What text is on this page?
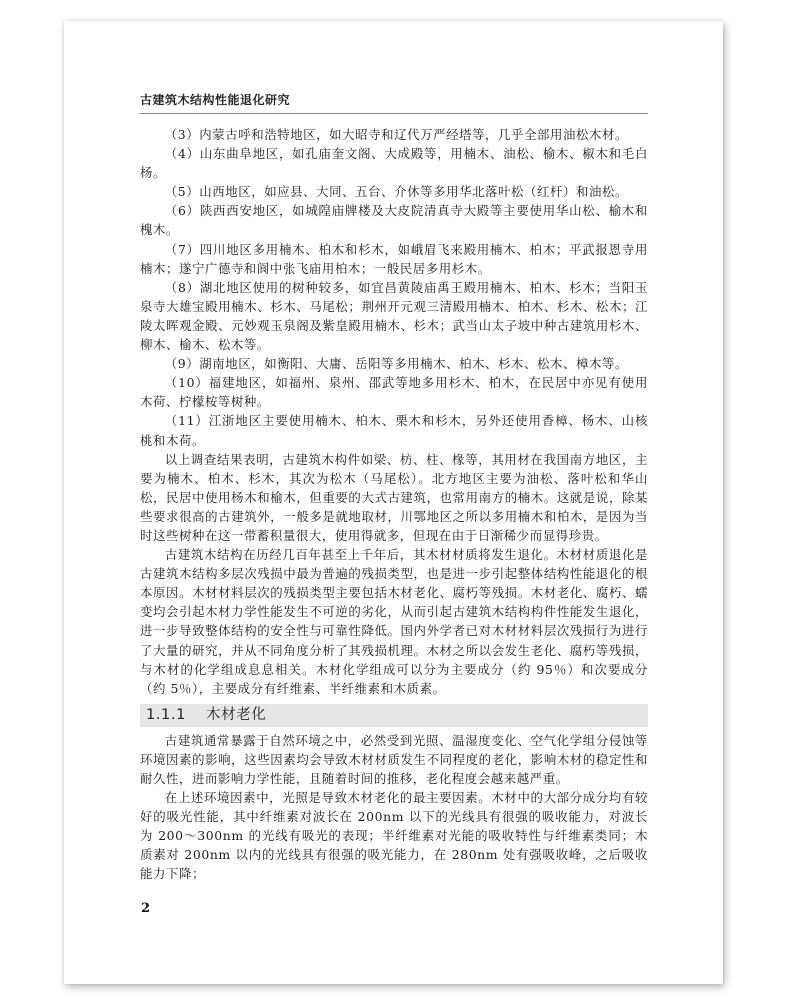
古建筑木结构性能退化研究

（3）内蒙古呼和浩特地区，如大昭寺和辽代万严经塔等，几乎全部用油松木材。

（4）山东曲阜地区，如孔庙奎文阁、大成殿等，用楠木、油松、榆木、椒木和毛白杨。

（5）山西地区，如应县、大同、五台、介休等多用华北落叶松（红杆）和油松。

（6）陕西西安地区，如城隍庙牌楼及大皮院清真寺大殿等主要使用华山松、榆木和槐木。

（7）四川地区多用楠木、柏木和杉木，如峨眉飞来殿用楠木、柏木；平武报恩寺用楠木；遂宁广德寺和阆中张飞庙用柏木；一般民居多用杉木。

（8）湖北地区使用的树种较多，如宜昌黄陵庙禹王殿用楠木、柏木、杉木；当阳玉泉寺大雄宝殿用楠木、杉木、马尾松；荆州开元观三清殿用楠木、柏木、杉木、松木；江陵太晖观金殿、元妙观玉泉阁及紫皇殿用楠木、杉木；武当山太子坡中种古建筑用杉木、柳木、榆木、松木等。

（9）湖南地区，如衡阳、大庸、岳阳等多用楠木、柏木、杉木、松木、樟木等。

（10）福建地区，如福州、泉州、邵武等地多用杉木、柏木，在民居中亦见有使用木荷、柠檬桉等树种。

（11）江浙地区主要使用楠木、柏木、栗木和杉木，另外还使用香樟、杨木、山核桃和木荷。

以上调查结果表明，古建筑木构件如梁、枋、柱、椽等，其用材在我国南方地区，主要为楠木、柏木、杉木，其次为松木（马尾松）。北方地区主要为油松、落叶松和华山松，民居中使用杨木和榆木，但重要的大式古建筑，也常用南方的楠木。这就是说，除某些要求很高的古建筑外，一般多是就地取材，川鄂地区之所以多用楠木和柏木，是因为当时这些树种在这一带蓄积量很大，使用得就多，但现在由于日渐稀少而显得珍贵。

古建筑木结构在历经几百年甚至上千年后，其木材材质将发生退化。木材材质退化是古建筑木结构多层次残损中最为普遍的残损类型，也是进一步引起整体结构性能退化的根本原因。木材材料层次的残损类型主要包括木材老化、腐朽等残损。木材老化、腐朽、蠕变均会引起木材力学性能发生不可逆的劣化，从而引起古建筑木结构构件性能发生退化，进一步导致整体结构的安全性与可靠性降低。国内外学者已对木材材料层次残损行为进行了大量的研究，并从不同角度分析了其残损机理。木材之所以会发生老化、腐朽等残损，与木材的化学组成息息相关。木材化学组成可以分为主要成分（约 95％）和次要成分（约 5％），主要成分有纤维素、半纤维素和木质素。

1.1.1 木材老化

古建筑通常暴露于自然环境之中，必然受到光照、温湿度变化、空气化学组分侵蚀等环境因素的影响，这些因素均会导致木材材质发生不同程度的老化，影响木材的稳定性和耐久性，进而影响力学性能，且随着时间的推移，老化程度会越来越严重。

在上述环境因素中，光照是导致木材老化的最主要因素。木材中的大部分成分均有较好的吸光性能，其中纤维素对波长在 200nm 以下的光线具有很强的吸收能力，对波长为 200～300nm 的光线有吸光的表现；半纤维素对光能的吸收特性与纤维素类同；木质素对 200nm 以内的光线具有很强的吸光能力，在 280nm 处有强吸收峰，之后吸收能力下降；

2
